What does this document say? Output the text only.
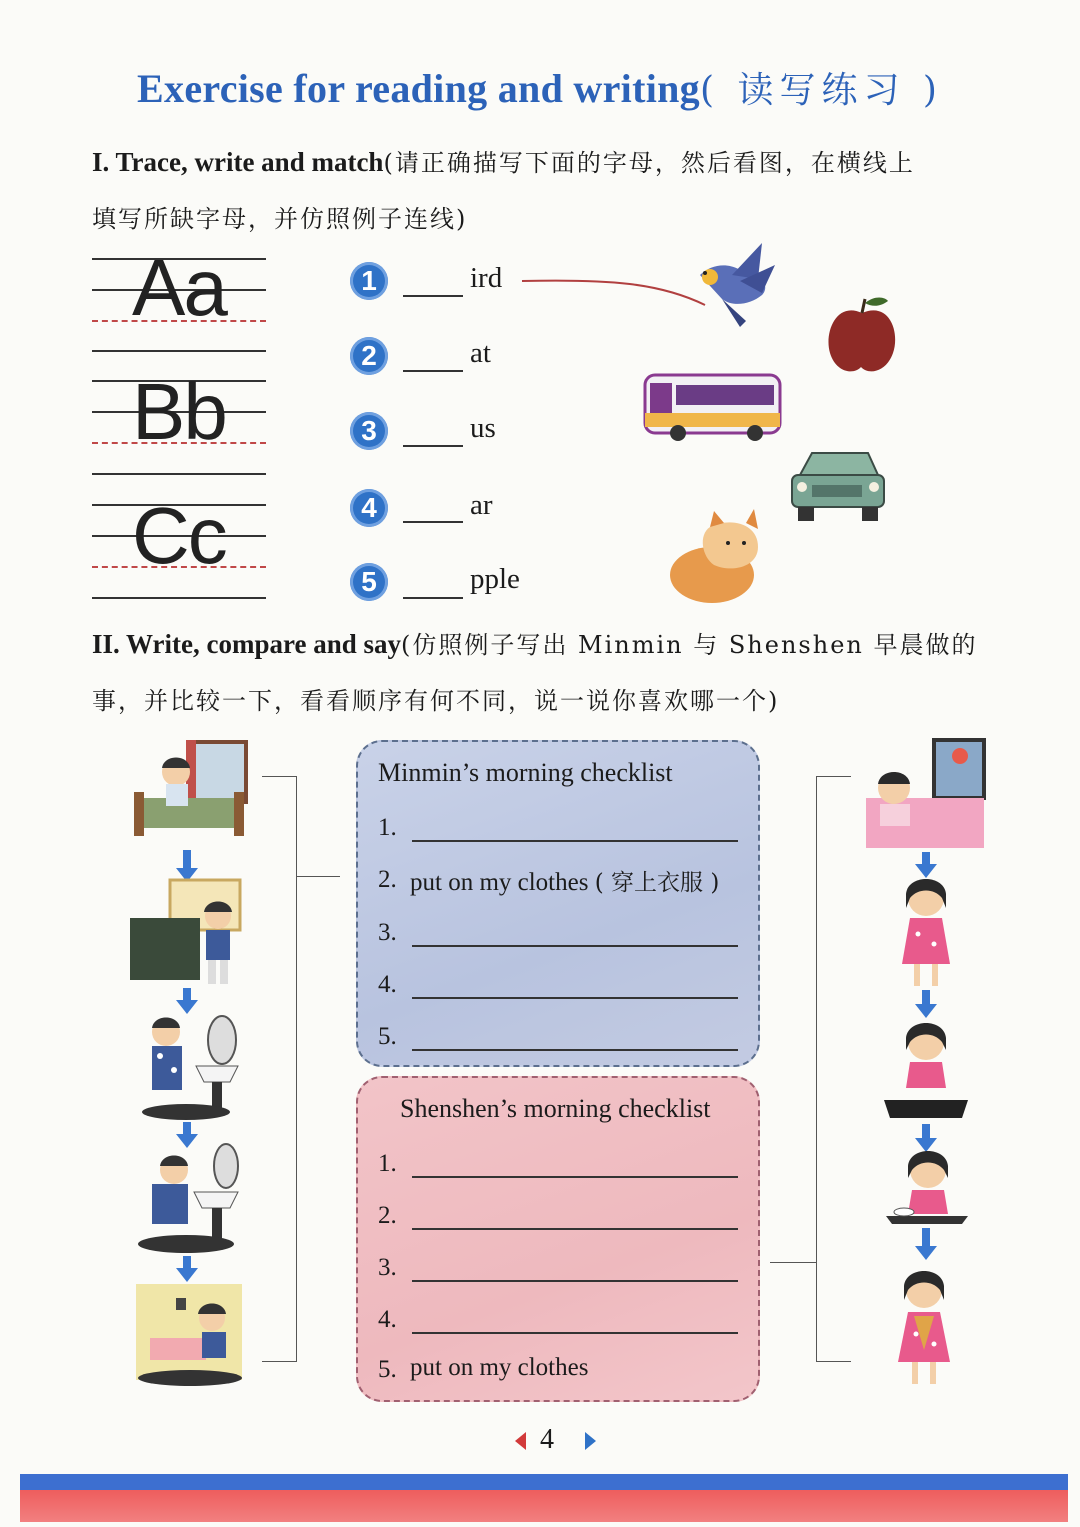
Exercise for reading and writing( 读写练习 )
I. Trace, write and match(请正确描写下面的字母，然后看图，在横线上
填写所缺字母，并仿照例子连线)
Aa
Bb
Cc
1	ird
2	at
3	us
4	ar
5	pple
II. Write, compare and say(仿照例子写出 Minmin 与 Shenshen 早晨做的
事，并比较一下，看看顺序有何不同，说一说你喜欢哪一个)
Minmin’s morning checklist
1.
2. put on my clothes ( 穿上衣服 )
3.
4.
5.
Shenshen’s morning checklist
1.
2.
3.
4.
5. put on my clothes
4
